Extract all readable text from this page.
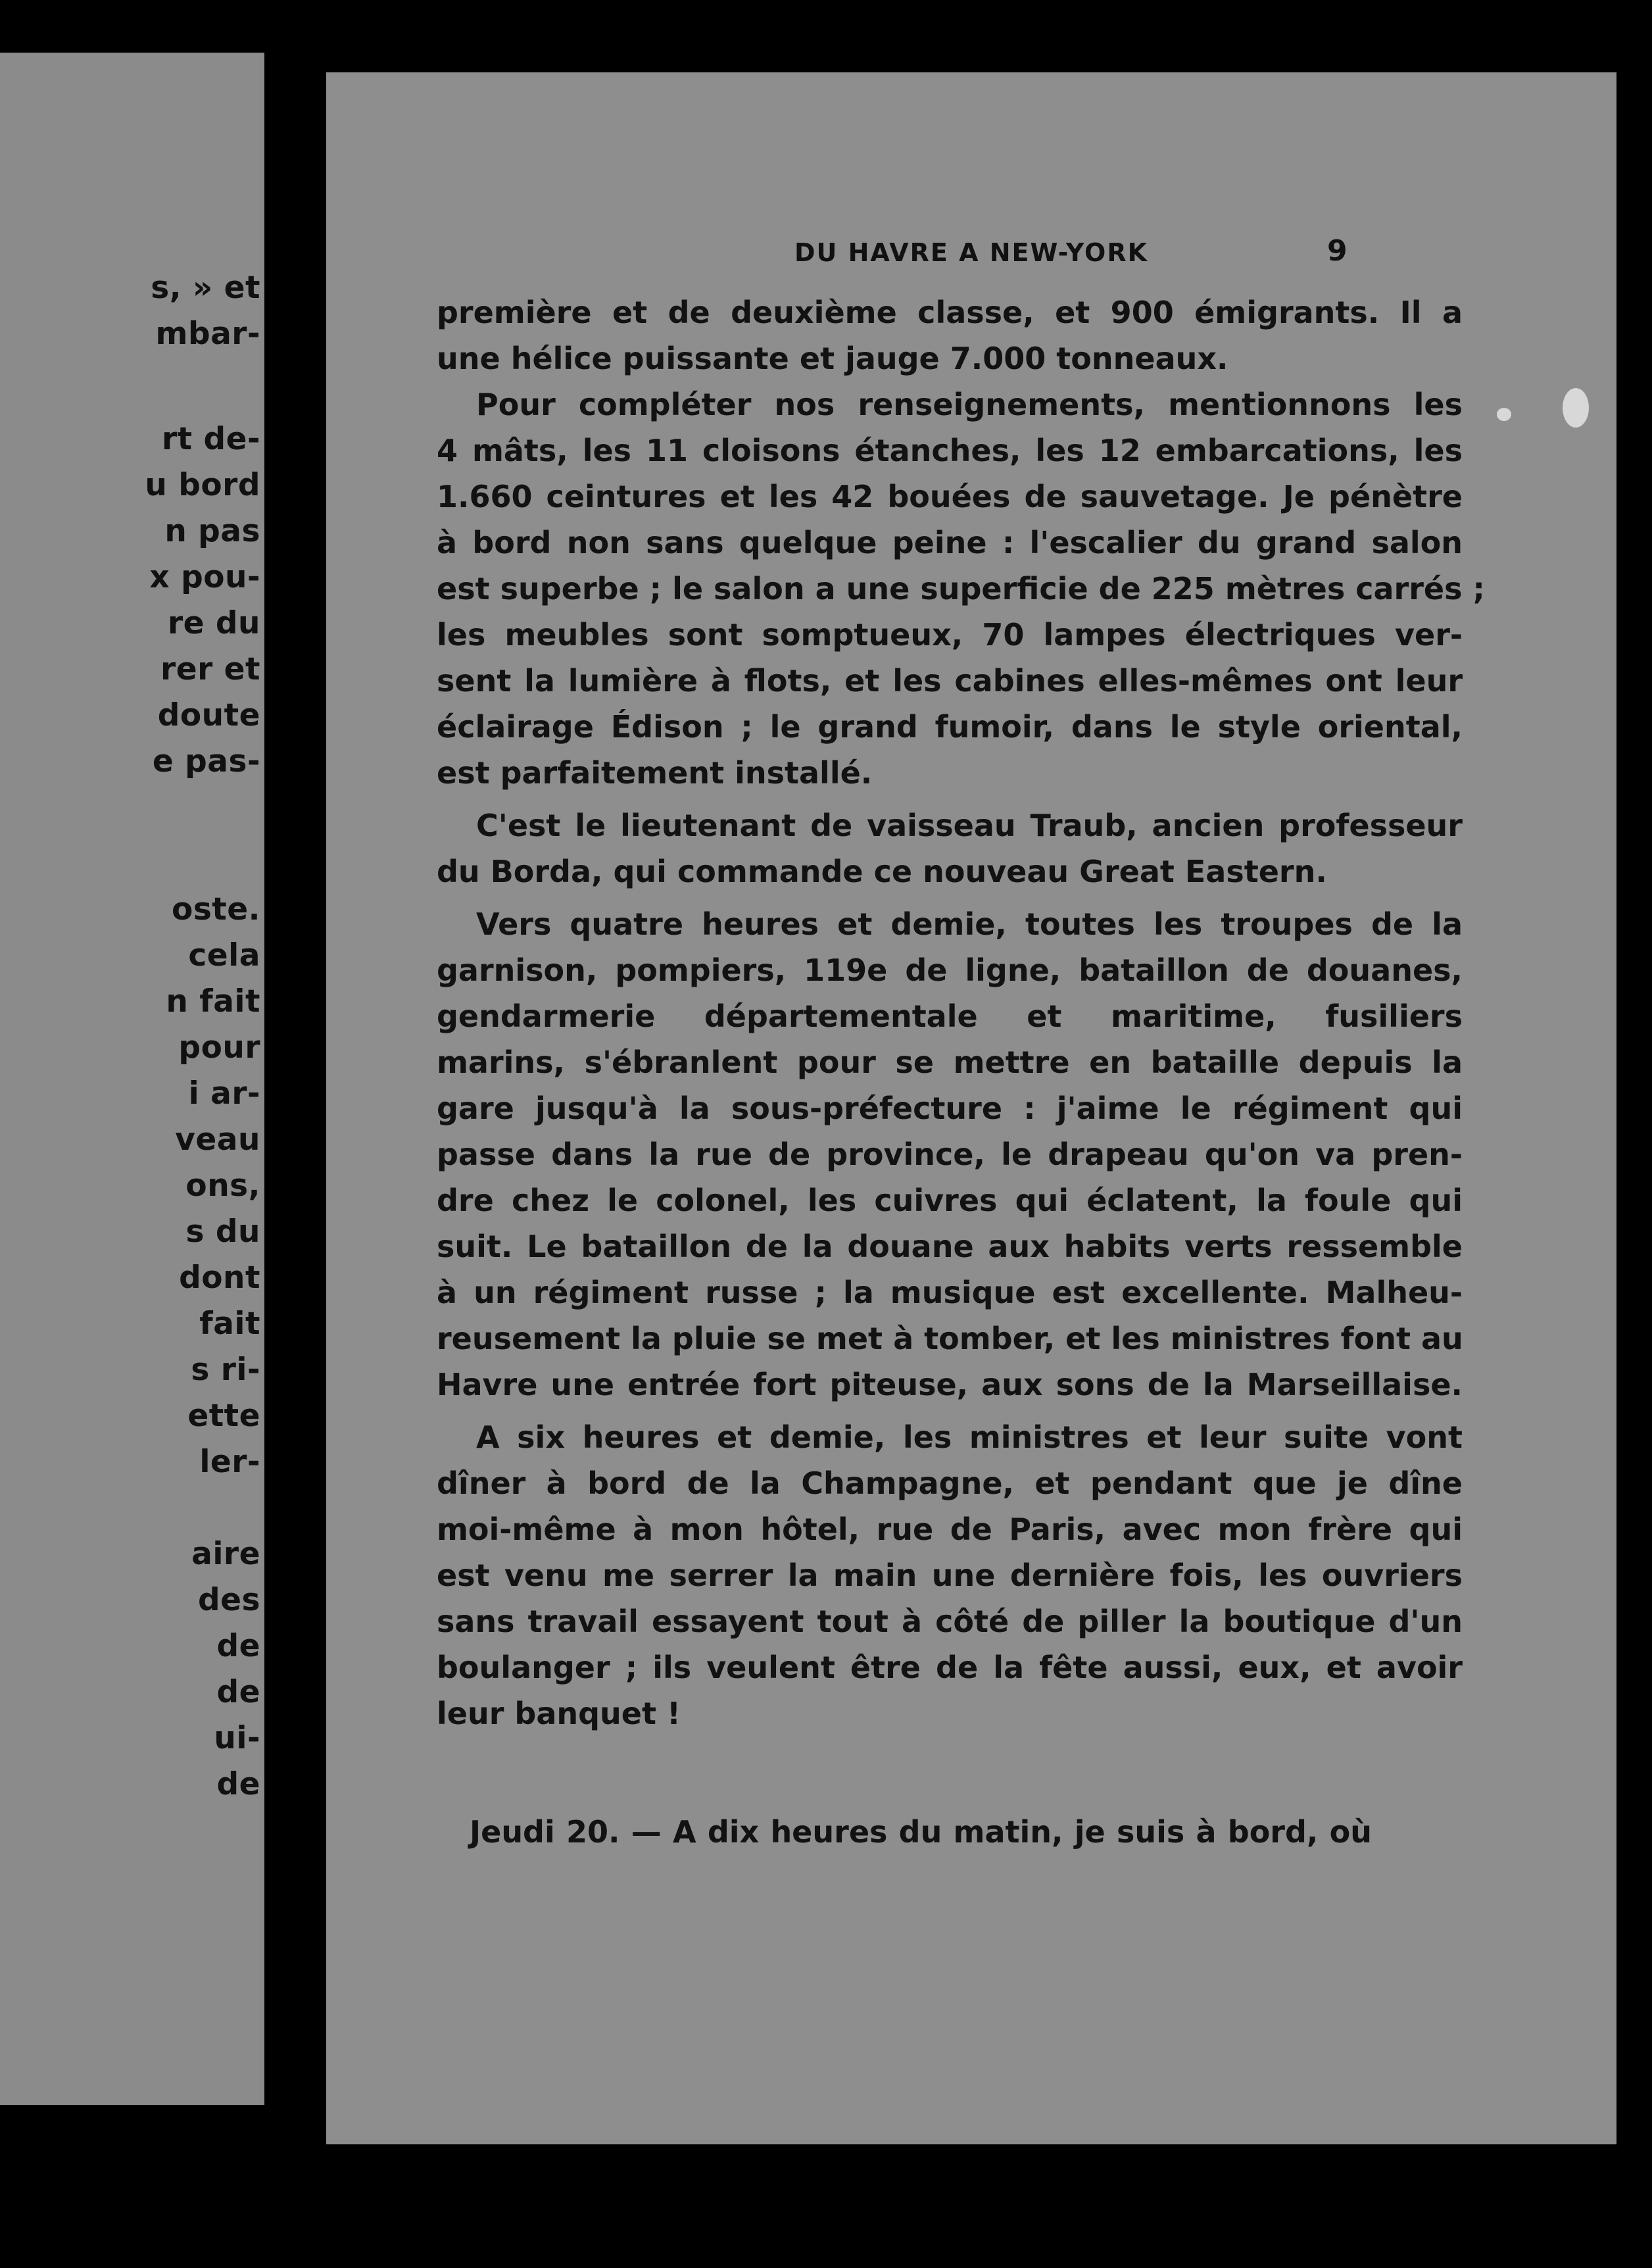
s, » et
mbar-
rt de-
u bord
n pas
x pou-
re du
rer et
doute
e pas-
oste.
cela
n fait
pour
i ar-
veau
ons,
s du
dont
fait
s ri-
ette
ler-
aire
des
de
de
ui-
de
DU HAVRE A NEW-YORK	9
première et de deuxième classe, et 900 émigrants. Il a
une hélice puissante et jauge 7.000 tonneaux.
Pour compléter nos renseignements, mentionnons les
4 mâts, les 11 cloisons étanches, les 12 embarcations, les
1.660 ceintures et les 42 bouées de sauvetage. Je pénètre
à bord non sans quelque peine : l'escalier du grand salon
est superbe ; le salon a une superficie de 225 mètres carrés ;
les meubles sont somptueux, 70 lampes électriques ver-
sent la lumière à flots, et les cabines elles-mêmes ont leur
éclairage Édison ; le grand fumoir, dans le style oriental,
est parfaitement installé.
C'est le lieutenant de vaisseau Traub, ancien professeur
du Borda, qui commande ce nouveau Great Eastern.
Vers quatre heures et demie, toutes les troupes de la
garnison, pompiers, 119e de ligne, bataillon de douanes,
gendarmerie départementale et maritime, fusiliers
marins, s'ébranlent pour se mettre en bataille depuis la
gare jusqu'à la sous-préfecture : j'aime le régiment qui
passe dans la rue de province, le drapeau qu'on va pren-
dre chez le colonel, les cuivres qui éclatent, la foule qui
suit. Le bataillon de la douane aux habits verts ressemble
à un régiment russe ; la musique est excellente. Malheu-
reusement la pluie se met à tomber, et les ministres font au
Havre une entrée fort piteuse, aux sons de la Marseillaise.
A six heures et demie, les ministres et leur suite vont
dîner à bord de la Champagne, et pendant que je dîne
moi-même à mon hôtel, rue de Paris, avec mon frère qui
est venu me serrer la main une dernière fois, les ouvriers
sans travail essayent tout à côté de piller la boutique d'un
boulanger ; ils veulent être de la fête aussi, eux, et avoir
leur banquet !
Jeudi 20. — A dix heures du matin, je suis à bord, où
